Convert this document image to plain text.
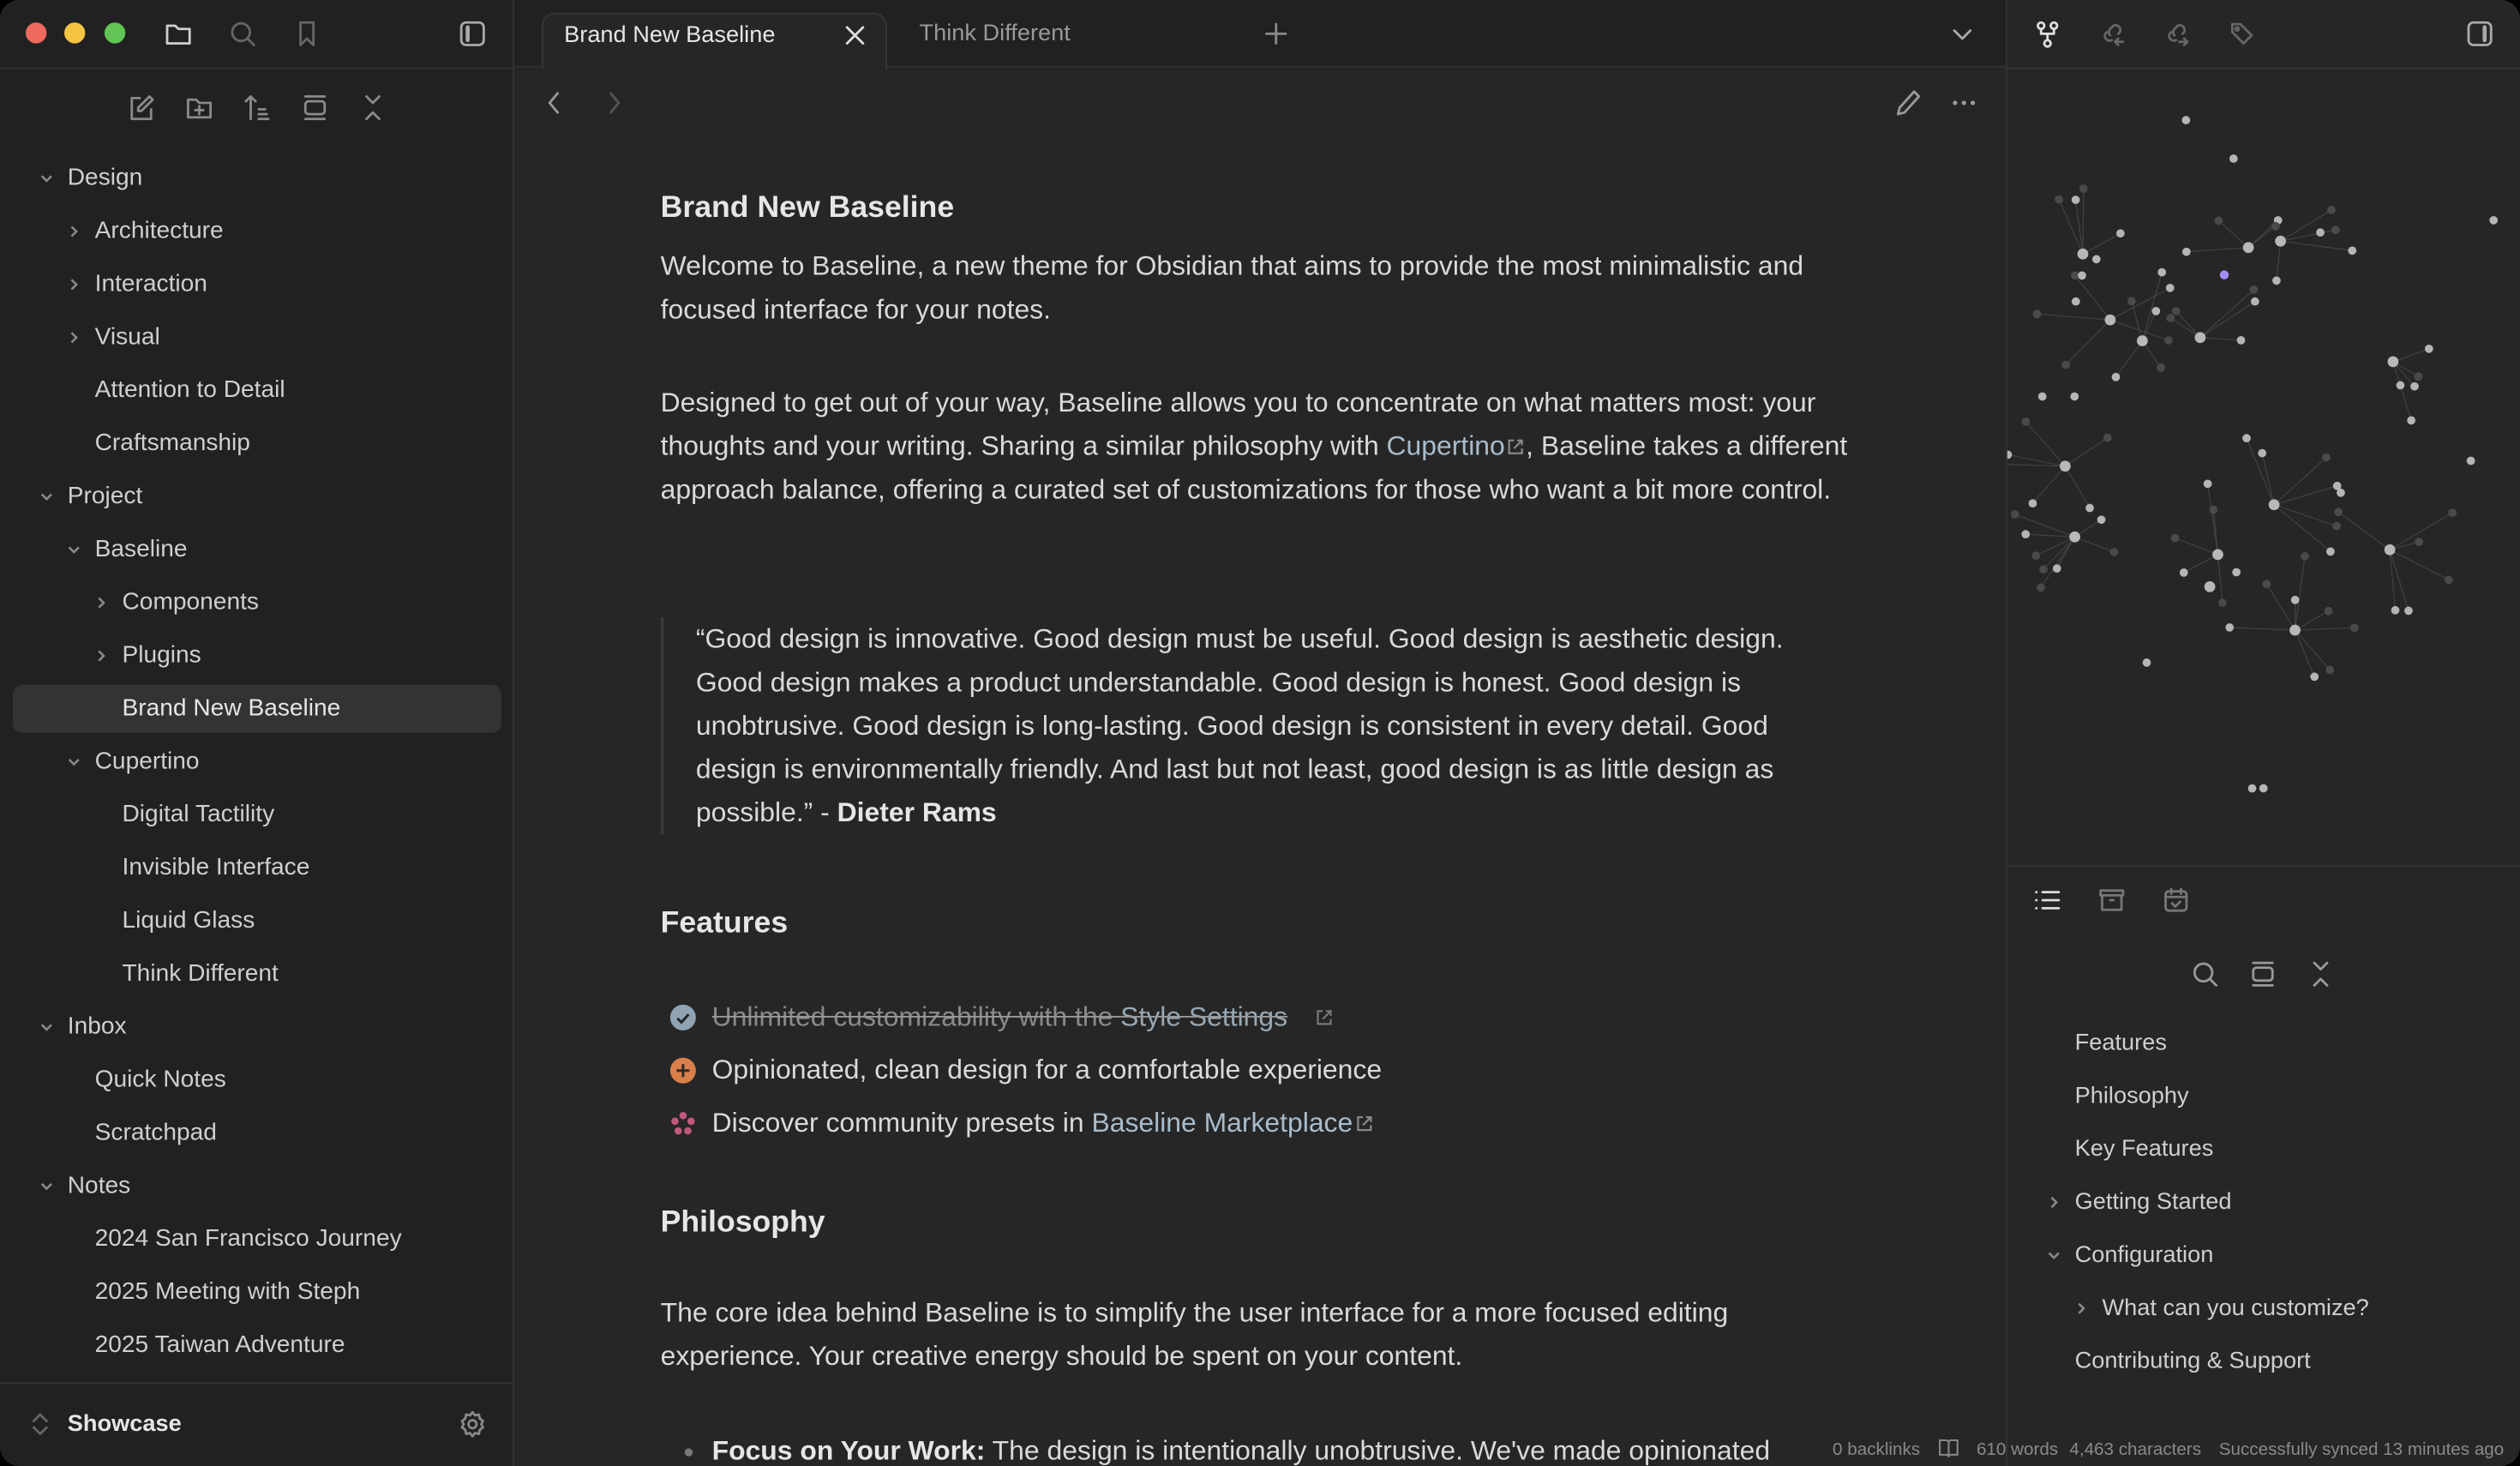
Design
Architecture
Interaction
Visual
Attention to Detail
Craftsmanship
Project
Baseline
Components
Plugins
Brand New Baseline
Cupertino
Digital Tactility
Invisible Interface
Liquid Glass
Think Different
Inbox
Quick Notes
Scratchpad
Notes
2024 San Francisco Journey
2025 Meeting with Steph
2025 Taiwan Adventure
Showcase
Brand New Baseline	Think Different
Brand New Baseline
Welcome to Baseline, a new theme for Obsidian that aims to provide the most minimalistic and focused interface for your notes.
Designed to get out of your way, Baseline allows you to concentrate on what matters most: your thoughts and your writing. Sharing a similar philosophy with Cupertino , Baseline takes a different approach balance, offering a curated set of customizations for those who want a bit more control.
“Good design is innovative. Good design must be useful. Good design is aesthetic design. Good design makes a product understandable. Good design is honest. Good design is unobtrusive. Good design is long-lasting. Good design is consistent in every detail. Good design is environmentally friendly. And last but not least, good design is as little design as possible.” - Dieter Rams
Features
Unlimited customizability with the Style Settings
Opinionated, clean design for a comfortable experience
Discover community presets in Baseline Marketplace
Philosophy
The core idea behind Baseline is to simplify the user interface for a more focused editing experience. Your creative energy should be spent on your content.
Focus on Your Work: The design is intentionally unobtrusive. We've made opinionated
Features
Philosophy
Key Features
Getting Started
Configuration
What can you customize?
Contributing & Support
0 backlinks	610 words 4,463 characters Successfully synced 13 minutes ago
